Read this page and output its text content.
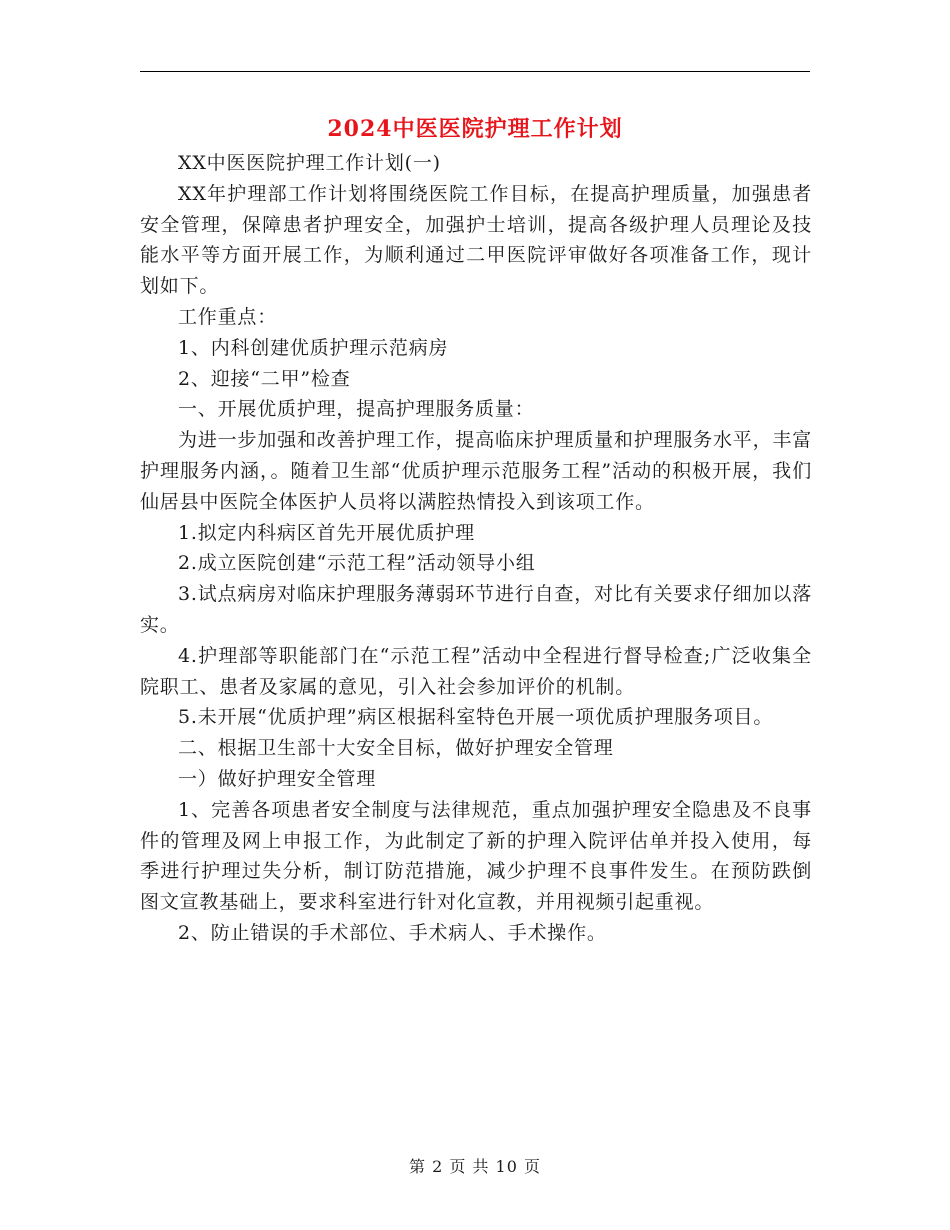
2024中医医院护理工作计划

XX中医医院护理工作计划(一)

XX年护理部工作计划将围绕医院工作目标，在提高护理质量，加强患者安全管理，保障患者护理安全，加强护士培训，提高各级护理人员理论及技能水平等方面开展工作，为顺利通过二甲医院评审做好各项准备工作，现计划如下。

工作重点：

1、内科创建优质护理示范病房

2、迎接“二甲”检查

一、开展优质护理，提高护理服务质量：

为进一步加强和改善护理工作，提高临床护理质量和护理服务水平，丰富护理服务内涵，。随着卫生部“优质护理示范服务工程”活动的积极开展，我们仙居县中医院全体医护人员将以满腔热情投入到该项工作。

1.拟定内科病区首先开展优质护理

2.成立医院创建“示范工程”活动领导小组

3.试点病房对临床护理服务薄弱环节进行自查，对比有关要求仔细加以落实。

4.护理部等职能部门在“示范工程”活动中全程进行督导检查;广泛收集全院职工、患者及家属的意见，引入社会参加评价的机制。

5.未开展“优质护理”病区根据科室特色开展一项优质护理服务项目。

二、根据卫生部十大安全目标，做好护理安全管理

一）做好护理安全管理

1、完善各项患者安全制度与法律规范，重点加强护理安全隐患及不良事件的管理及网上申报工作，为此制定了新的护理入院评估单并投入使用，每季进行护理过失分析，制订防范措施，减少护理不良事件发生。在预防跌倒图文宣教基础上，要求科室进行针对化宣教，并用视频引起重视。

2、防止错误的手术部位、手术病人、手术操作。

第 2 页 共 10 页
